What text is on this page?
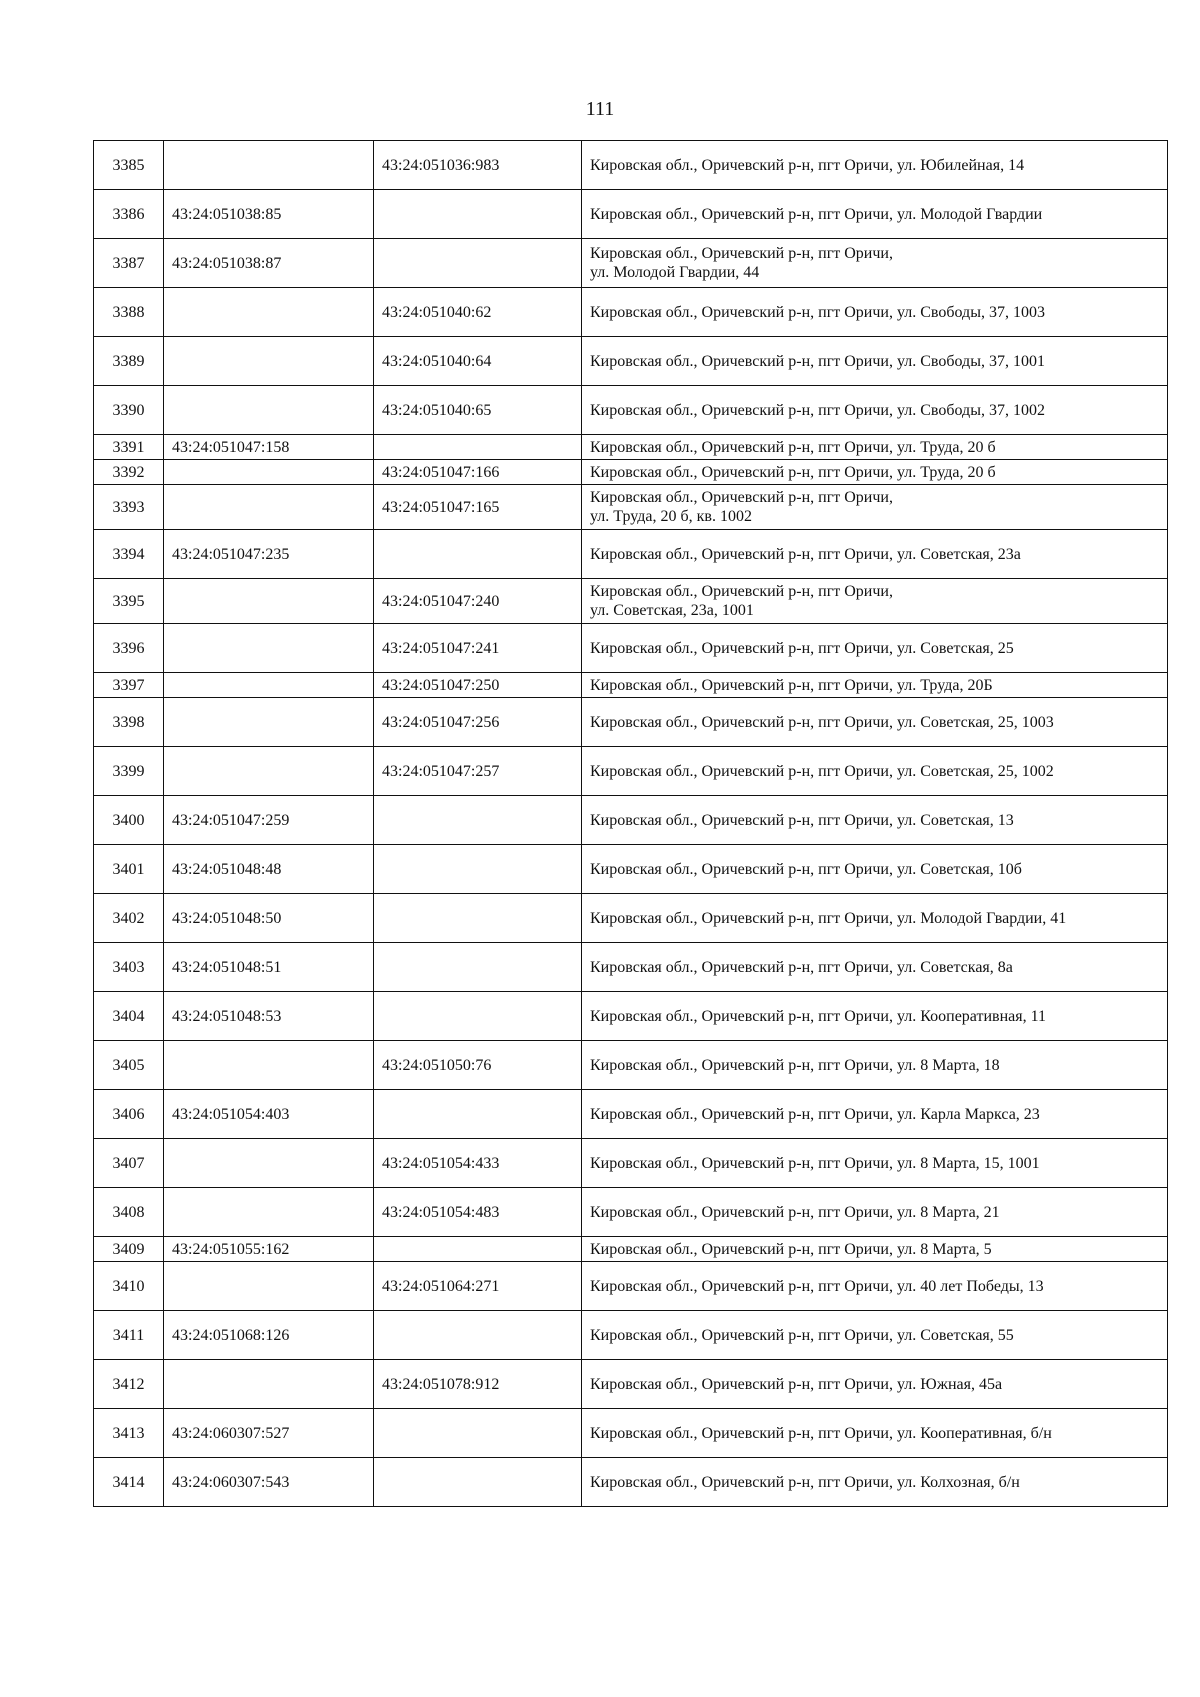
111
3385		43:24:051036:983	Кировская обл., Оричевский р-н, пгт Оричи, ул. Юбилейная, 14

3386	43:24:051038:85		Кировская обл., Оричевский р-н, пгт Оричи, ул. Молодой Гвардии

3387	43:24:051038:87		Кировская обл., Оричевский р-н, пгт Оричи,
ул. Молодой Гвардии, 44

3388		43:24:051040:62	Кировская обл., Оричевский р-н, пгт Оричи, ул. Свободы, 37, 1003

3389		43:24:051040:64	Кировская обл., Оричевский р-н, пгт Оричи, ул. Свободы, 37, 1001

3390		43:24:051040:65	Кировская обл., Оричевский р-н, пгт Оричи, ул. Свободы, 37, 1002

3391	43:24:051047:158		Кировская обл., Оричевский р-н, пгт Оричи, ул. Труда, 20 б

3392		43:24:051047:166	Кировская обл., Оричевский р-н, пгт Оричи, ул. Труда, 20 б

3393		43:24:051047:165	Кировская обл., Оричевский р-н, пгт Оричи,
ул. Труда, 20 б, кв. 1002

3394	43:24:051047:235		Кировская обл., Оричевский р-н, пгт Оричи, ул. Советская, 23а

3395		43:24:051047:240	Кировская обл., Оричевский р-н, пгт Оричи,
ул. Советская, 23а, 1001

3396		43:24:051047:241	Кировская обл., Оричевский р-н, пгт Оричи, ул. Советская, 25

3397		43:24:051047:250	Кировская обл., Оричевский р-н, пгт Оричи, ул. Труда, 20Б

3398		43:24:051047:256	Кировская обл., Оричевский р-н, пгт Оричи, ул. Советская, 25, 1003

3399		43:24:051047:257	Кировская обл., Оричевский р-н, пгт Оричи, ул. Советская, 25, 1002

3400	43:24:051047:259		Кировская обл., Оричевский р-н, пгт Оричи, ул. Советская, 13

3401	43:24:051048:48		Кировская обл., Оричевский р-н, пгт Оричи, ул. Советская, 10б

3402	43:24:051048:50		Кировская обл., Оричевский р-н, пгт Оричи, ул. Молодой Гвардии, 41

3403	43:24:051048:51		Кировская обл., Оричевский р-н, пгт Оричи, ул. Советская, 8а

3404	43:24:051048:53		Кировская обл., Оричевский р-н, пгт Оричи, ул. Кооперативная, 11

3405		43:24:051050:76	Кировская обл., Оричевский р-н, пгт Оричи, ул. 8 Марта, 18

3406	43:24:051054:403		Кировская обл., Оричевский р-н, пгт Оричи, ул. Карла Маркса, 23

3407		43:24:051054:433	Кировская обл., Оричевский р-н, пгт Оричи, ул. 8 Марта, 15, 1001

3408		43:24:051054:483	Кировская обл., Оричевский р-н, пгт Оричи, ул. 8 Марта, 21

3409	43:24:051055:162		Кировская обл., Оричевский р-н, пгт Оричи, ул. 8 Марта, 5

3410		43:24:051064:271	Кировская обл., Оричевский р-н, пгт Оричи, ул. 40 лет Победы, 13

3411	43:24:051068:126		Кировская обл., Оричевский р-н, пгт Оричи, ул. Советская, 55

3412		43:24:051078:912	Кировская обл., Оричевский р-н, пгт Оричи, ул. Южная, 45а

3413	43:24:060307:527		Кировская обл., Оричевский р-н, пгт Оричи, ул. Кооперативная, б/н

3414	43:24:060307:543		Кировская обл., Оричевский р-н, пгт Оричи, ул. Колхозная, б/н
